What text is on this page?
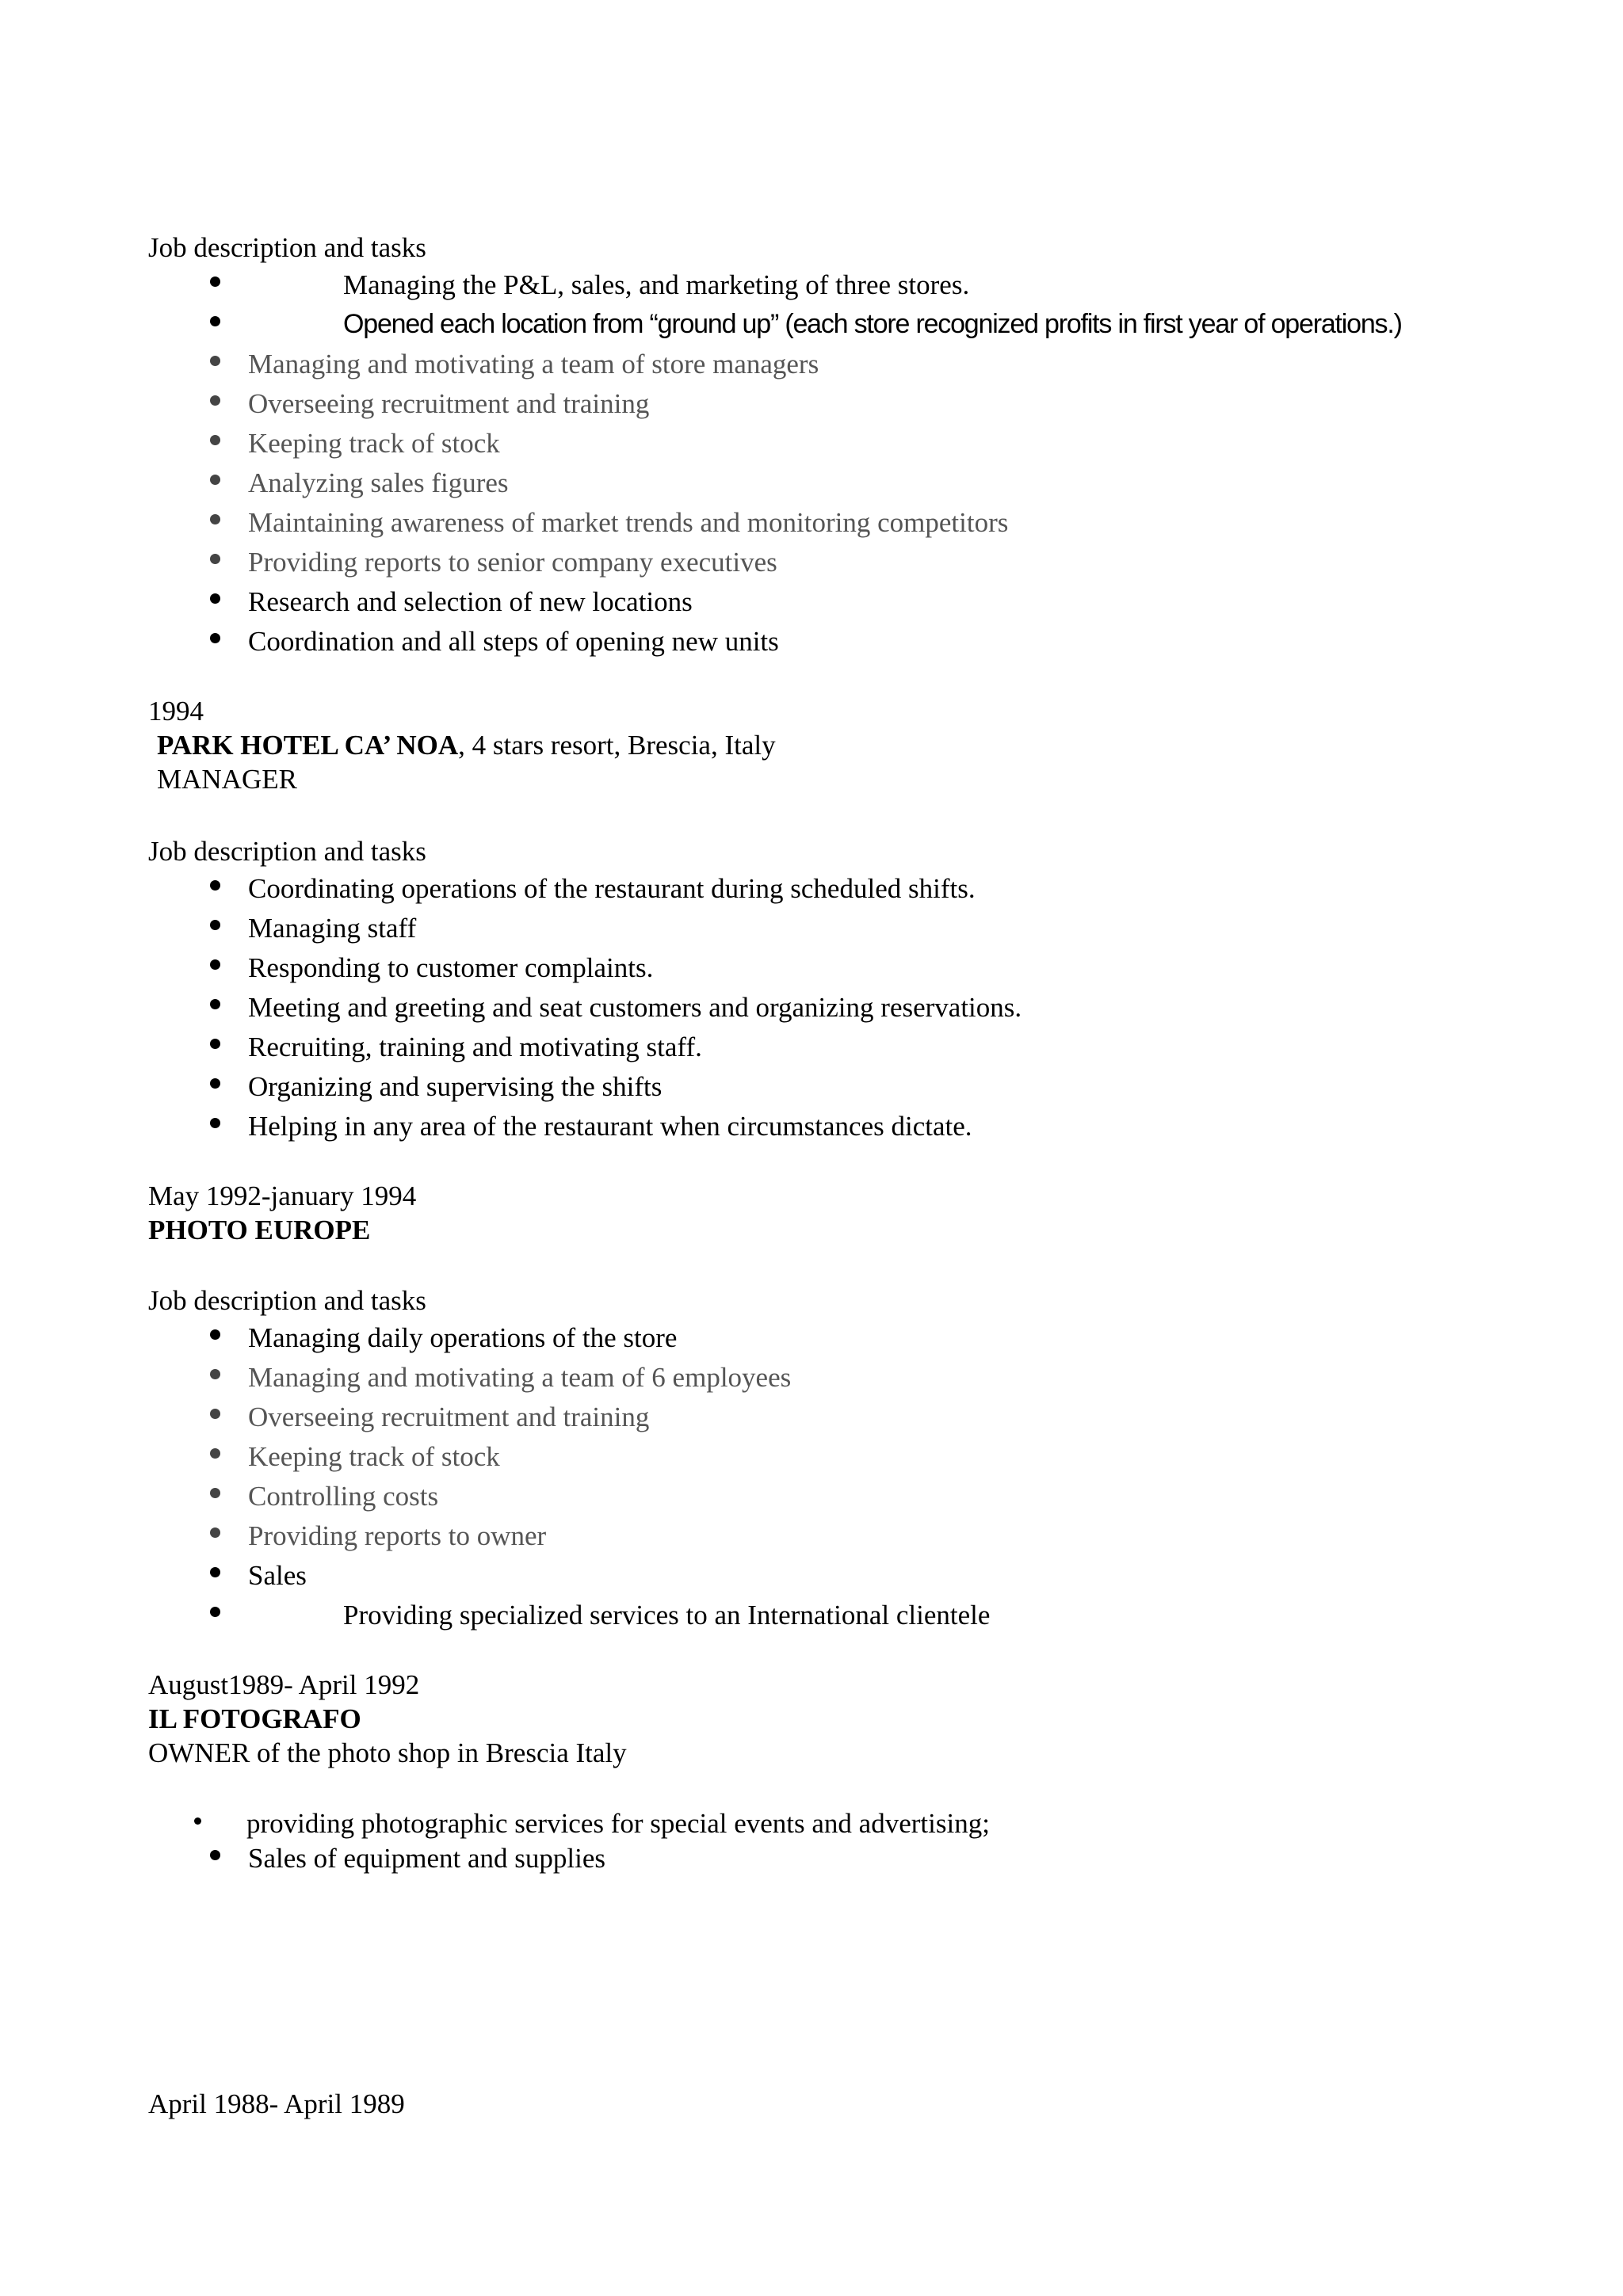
Job description and tasks
Managing the P&L, sales, and marketing of three stores.
Opened each location from “ground up” (each store recognized profits in first year of operations.)
Managing and motivating a team of store managers
Overseeing recruitment and training
Keeping track of stock
Analyzing sales figures
Maintaining awareness of market trends and monitoring competitors
Providing reports to senior company executives
Research and selection of new locations
Coordination and all steps of opening new units
1994
PARK HOTEL CA’ NOA, 4 stars resort, Brescia, Italy
MANAGER
Job description and tasks
Coordinating operations of the restaurant during scheduled shifts.
Managing staff
Responding to customer complaints.
Meeting and greeting and seat customers and organizing reservations.
Recruiting, training and motivating staff.
Organizing and supervising the shifts
Helping in any area of the restaurant when circumstances dictate.
May 1992-january 1994
PHOTO EUROPE
Job description and tasks
Managing daily operations of the store
Managing and motivating a team of 6 employees
Overseeing recruitment and training
Keeping track of stock
Controlling costs
Providing reports to owner
Sales
Providing specialized services to an International clientele
August1989- April 1992
IL FOTOGRAFO
OWNER of the photo shop in Brescia Italy
providing photographic services for special events and advertising;
Sales of equipment and supplies
April 1988- April 1989
